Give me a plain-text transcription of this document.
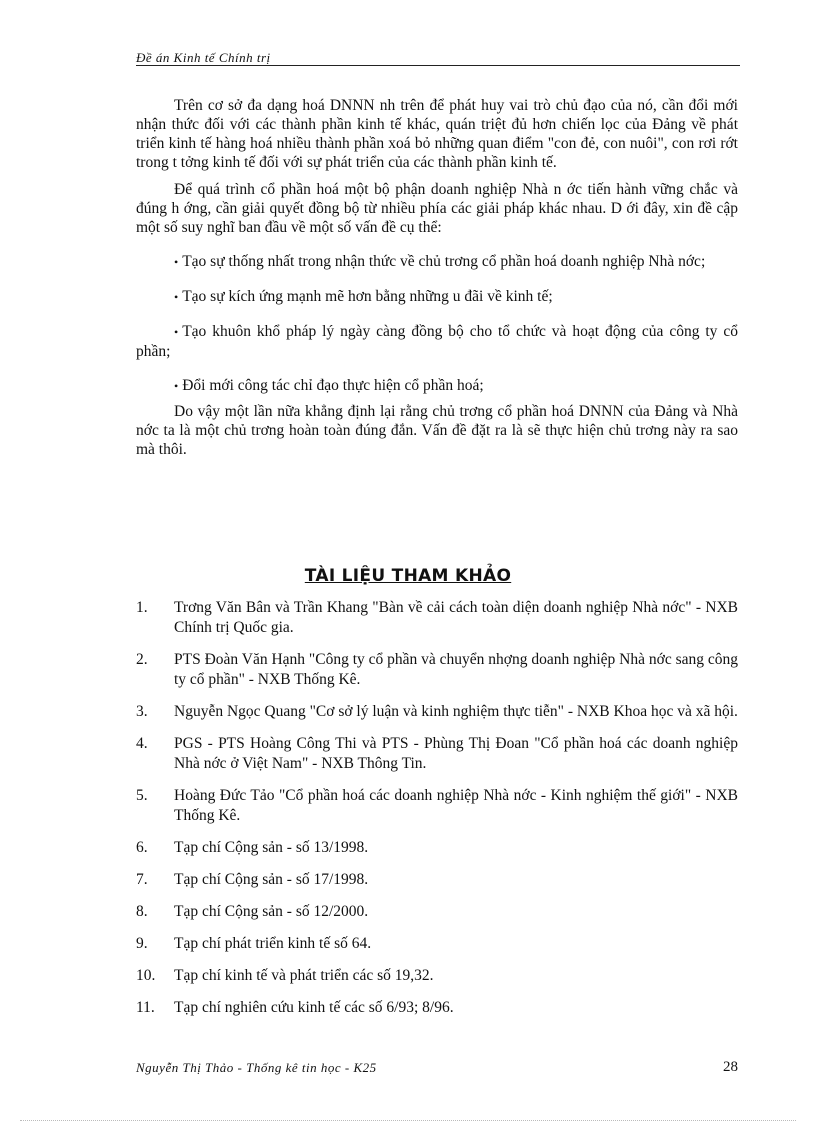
Đề án Kinh tế Chính trị

Trên cơ sở đa dạng hoá DNNN nh trên để phát huy vai trò chủ đạo của nó, cần đổi mới nhận thức đối với các thành phần kinh tế khác, quán triệt đủ hơn chiến lọc của Đảng về phát triển kinh tế hàng hoá nhiều thành phần xoá bỏ những quan điểm "con đẻ, con nuôi", con rơi rớt trong t tởng kinh tế đối với sự phát triển của các thành phần kinh tế.

Để quá trình cổ phần hoá một bộ phận doanh nghiệp Nhà n ớc tiến hành vững chắc và đúng h ớng, cần giải quyết đồng bộ từ nhiều phía các giải pháp khác nhau. D ới đây, xin đề cập một số suy nghĩ ban đầu về một số vấn đề cụ thể:

• Tạo sự thống nhất trong nhận thức về chủ trơng cổ phần hoá doanh nghiệp Nhà nớc;

• Tạo sự kích ứng mạnh mẽ hơn bằng những u đãi về kinh tế;

• Tạo khuôn khổ pháp lý ngày càng đồng bộ cho tổ chức và hoạt động của công ty cổ phần;

• Đổi mới công tác chỉ đạo thực hiện cổ phần hoá;

Do vậy một lần nữa khẳng định lại rằng chủ trơng cổ phần hoá DNNN của Đảng và Nhà nớc ta là một chủ trơng hoàn toàn đúng đắn. Vấn đề đặt ra là sẽ thực hiện chủ trơng này ra sao mà thôi.

TÀI LIỆU THAM KHẢO
1. Trơng Văn Bân và Trần Khang "Bàn về cải cách toàn diện doanh nghiệp Nhà nớc" - NXB Chính trị Quốc gia.
2. PTS Đoàn Văn Hạnh "Công ty cổ phần và chuyển nhợng doanh nghiệp Nhà nớc sang công ty cổ phần" - NXB Thống Kê.
3. Nguyễn Ngọc Quang "Cơ sở lý luận và kinh nghiệm thực tiễn" - NXB Khoa học và xã hội.
4. PGS - PTS Hoàng Công Thi và PTS - Phùng Thị Đoan "Cổ phần hoá các doanh nghiệp Nhà nớc ở Việt Nam" - NXB Thông Tin.
5. Hoàng Đức Tảo "Cổ phần hoá các doanh nghiệp Nhà nớc - Kinh nghiệm thế giới" - NXB Thống Kê.
6. Tạp chí Cộng sản - số 13/1998.
7. Tạp chí Cộng sản - số 17/1998.
8. Tạp chí Cộng sản - số 12/2000.
9. Tạp chí phát triển kinh tế số 64.
10. Tạp chí kinh tế và phát triển các số 19,32.
11. Tạp chí nghiên cứu kinh tế các số 6/93; 8/96.
Nguyễn Thị Thảo - Thống kê tin học - K25	28
